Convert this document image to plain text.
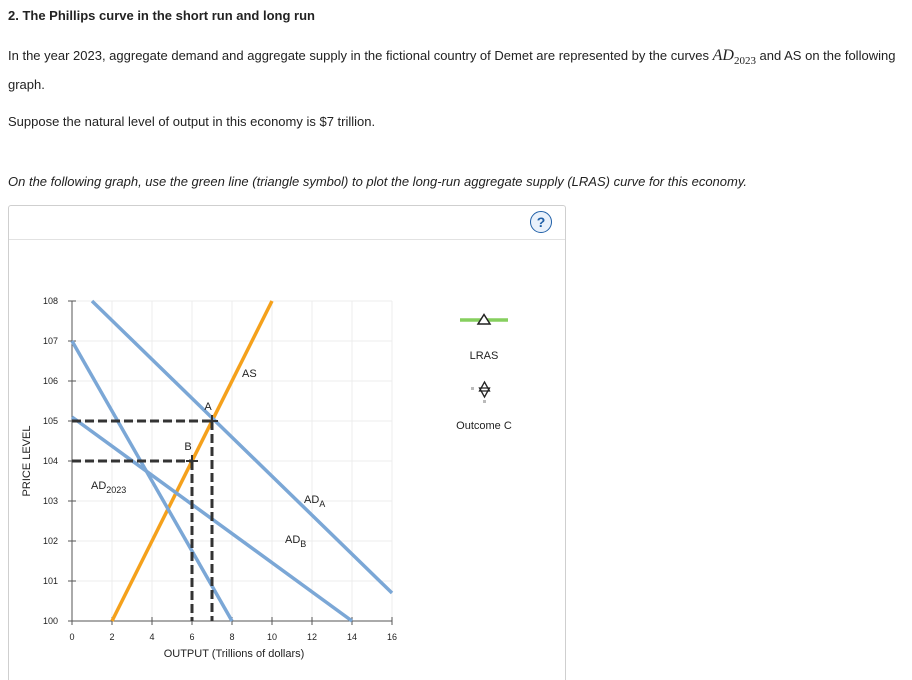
2. The Phillips curve in the short run and long run

In the year 2023, aggregate demand and aggregate supply in the fictional country of Demet are represented by the curves $AD_{2023}$ and AS on the following graph.

Suppose the natural level of output in this economy is $7 trillion.

On the following graph, use the green line (triangle symbol) to plot the long-run aggregate supply (LRAS) curve for this economy.

?
100
101
102
103
104
105
106
107
108
0	2	4	6	8	10	12	14	16
OUTPUT (Trillions of dollars)
PRICE LEVEL
A
B
AS
$AD_{2023}$
$AD_A$
$AD_B$
LRAS
Outcome C
